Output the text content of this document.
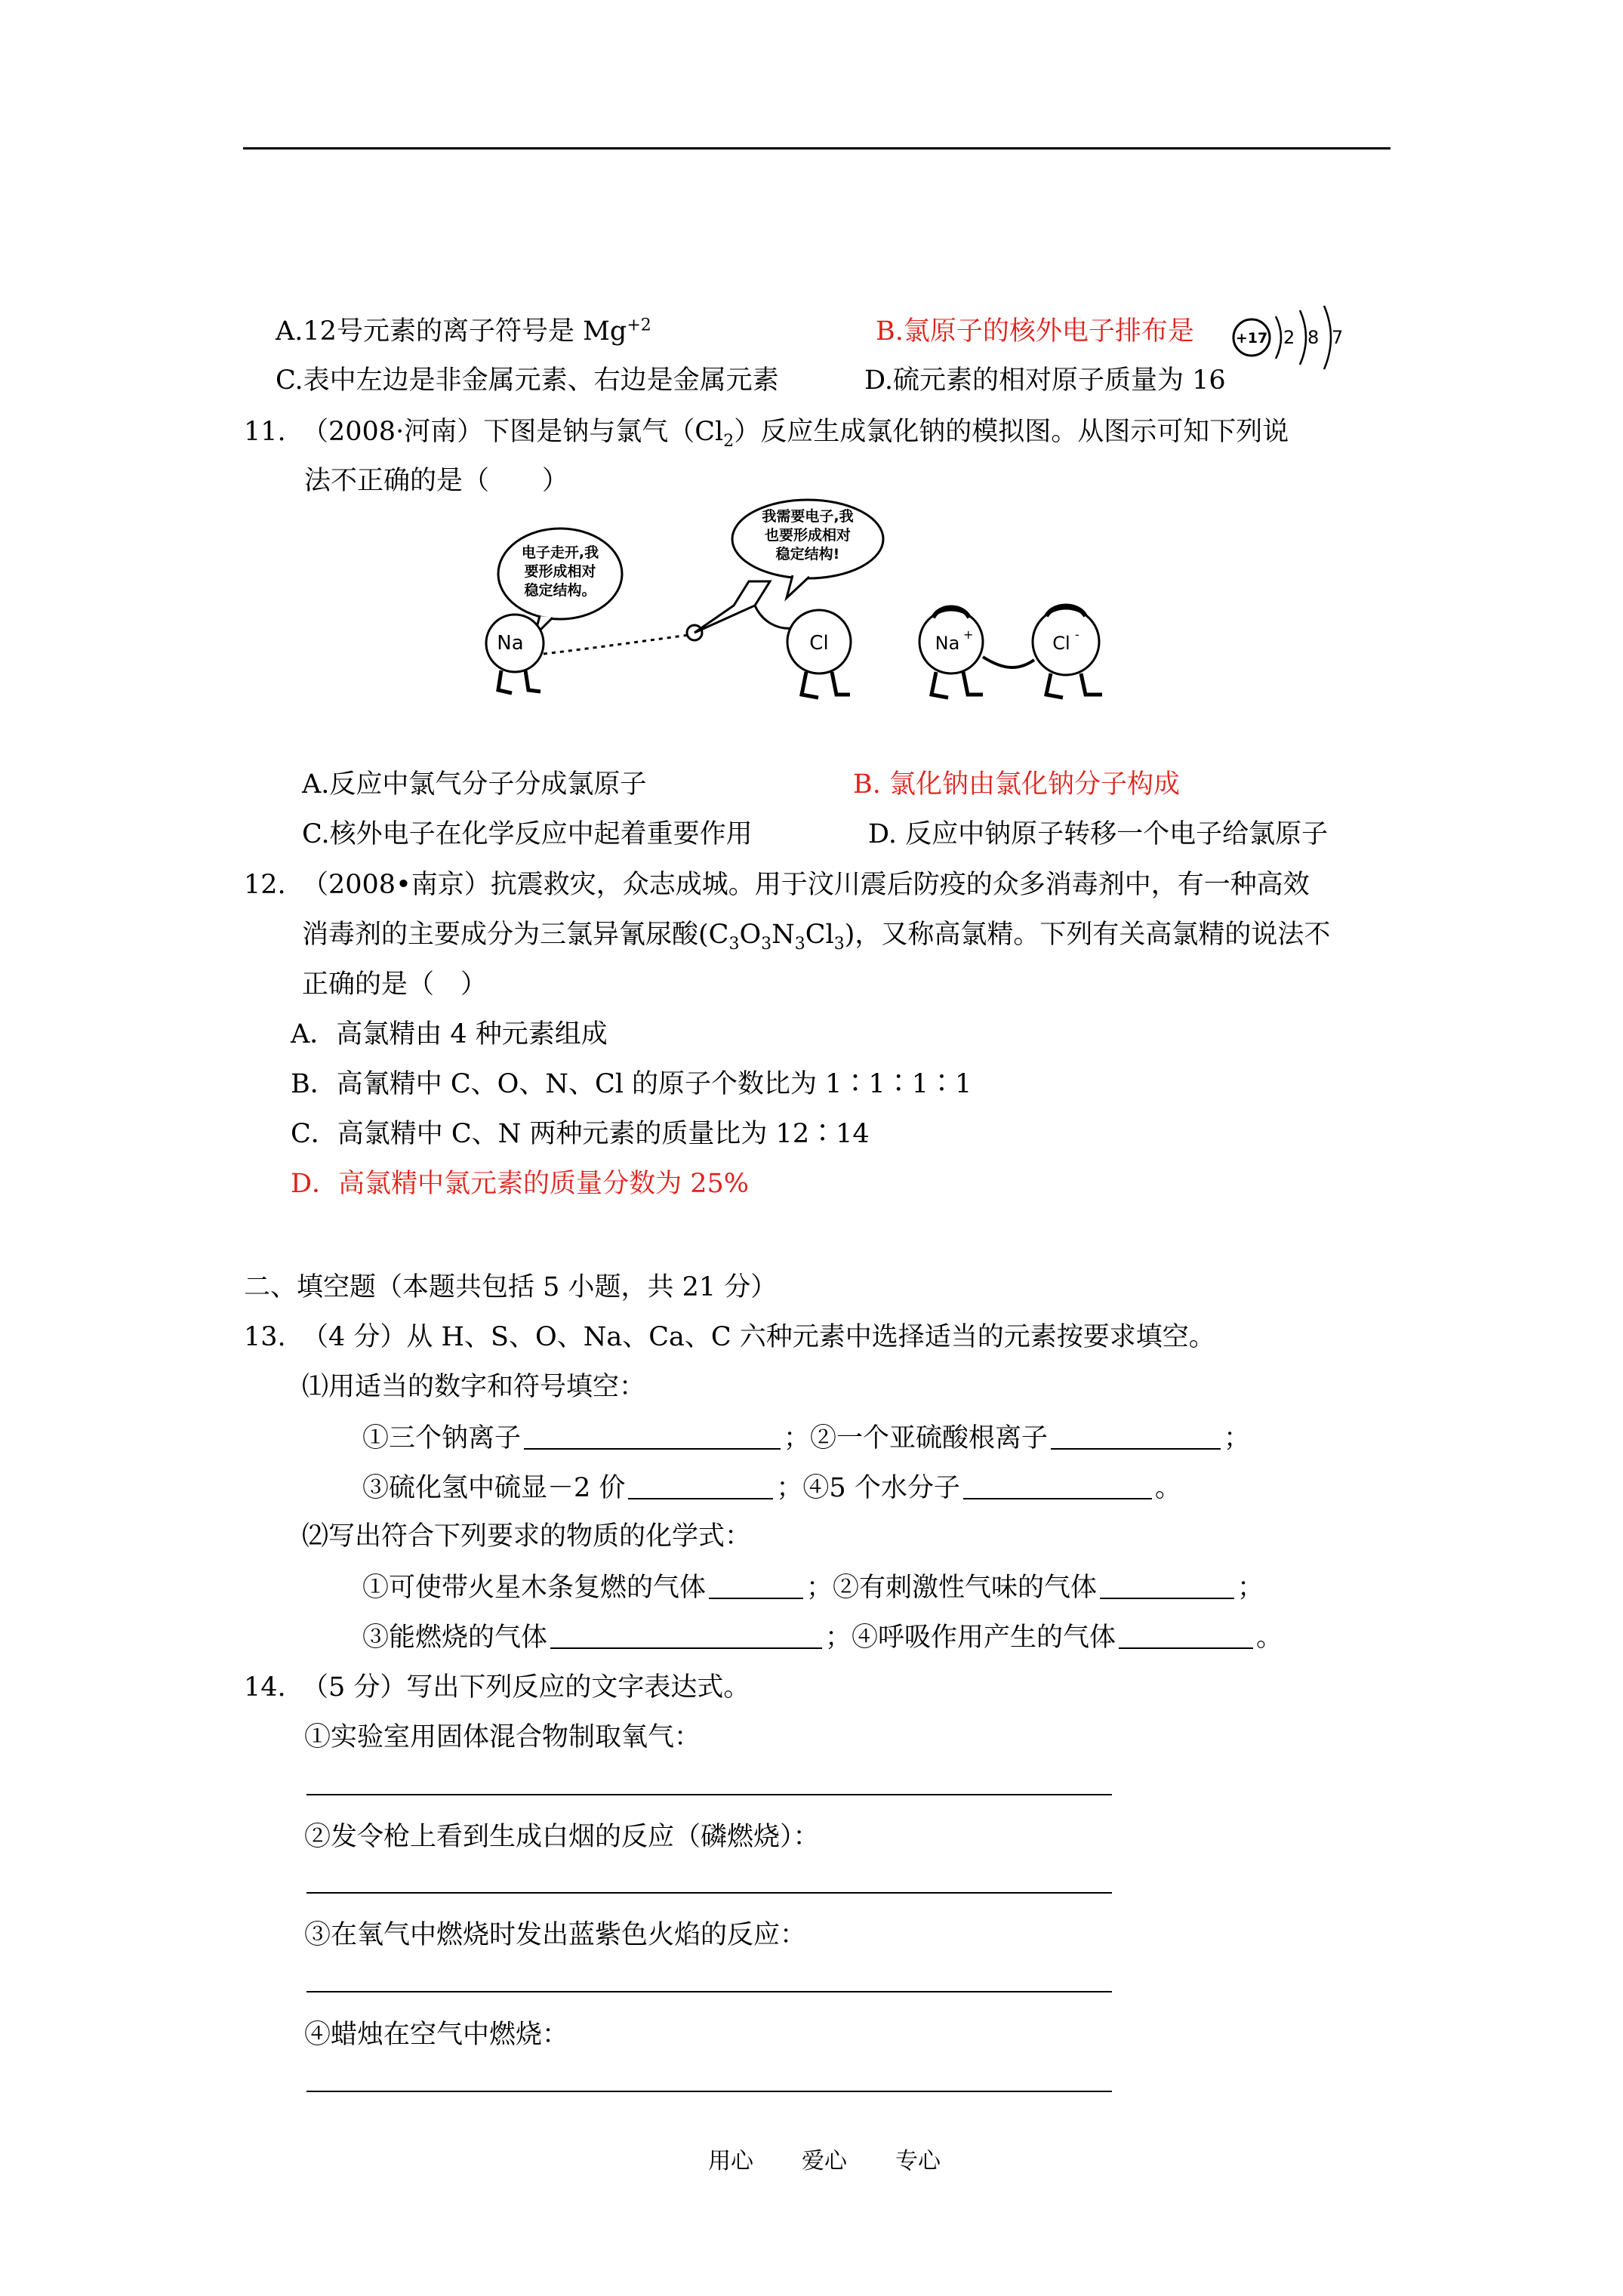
A.12号元素的离子符号是 $Mg^{+2}$	B.氯原子的核外电子排布是	+17 2 8 7
C.表中左边是非金属元素、右边是金属元素	D.硫元素的相对原子质量为 16
11. （2008·河南）下图是钠与氯气$(Cl_2)$反应生成氯化钠的模拟图。从图示可知下列说
法不正确的是（　　）
电子走开,我
要形成相对
稳定结构。
我需要电子,我
也要形成相对
稳定结构!
Na	Cl	Na +	Cl -
A.反应中氯气分子分成氯原子	B. 氯化钠由氯化钠分子构成
C.核外电子在化学反应中起着重要作用	D. 反应中钠原子转移一个电子给氯原子
12. （2008•南京）抗震救灾，众志成城。用于汶川震后防疫的众多消毒剂中，有一种高效
消毒剂的主要成分为三氯异氰尿酸$(C_3O_3N_3Cl_3)$，又称高氯精。下列有关高氯精的说法不
正确的是（　）
A．高氯精由 4 种元素组成
B．高氰精中 C、O、N、Cl 的原子个数比为 1∶1∶1∶1
C．高氯精中 C、N 两种元素的质量比为 12∶14
D．高氯精中氯元素的质量分数为 25%
二、填空题（本题共包括 5 小题，共 21 分）
13. （4 分）从 H、S、O、Na、Ca、C 六种元素中选择适当的元素按要求填空。
⑴用适当的数字和符号填空：
①三个钠离子	；②一个亚硫酸根离子	；
③硫化氢中硫显－2 价	；④5 个水分子	。
⑵写出符合下列要求的物质的化学式：
①可使带火星木条复燃的气体	；②有刺激性气味的气体	；
③能燃烧的气体	；④呼吸作用产生的气体	。
14. （5 分）写出下列反应的文字表达式。
①实验室用固体混合物制取氧气：
②发令枪上看到生成白烟的反应（磷燃烧）：
③在氧气中燃烧时发出蓝紫色火焰的反应：
④蜡烛在空气中燃烧：
用心 爱心 专心
